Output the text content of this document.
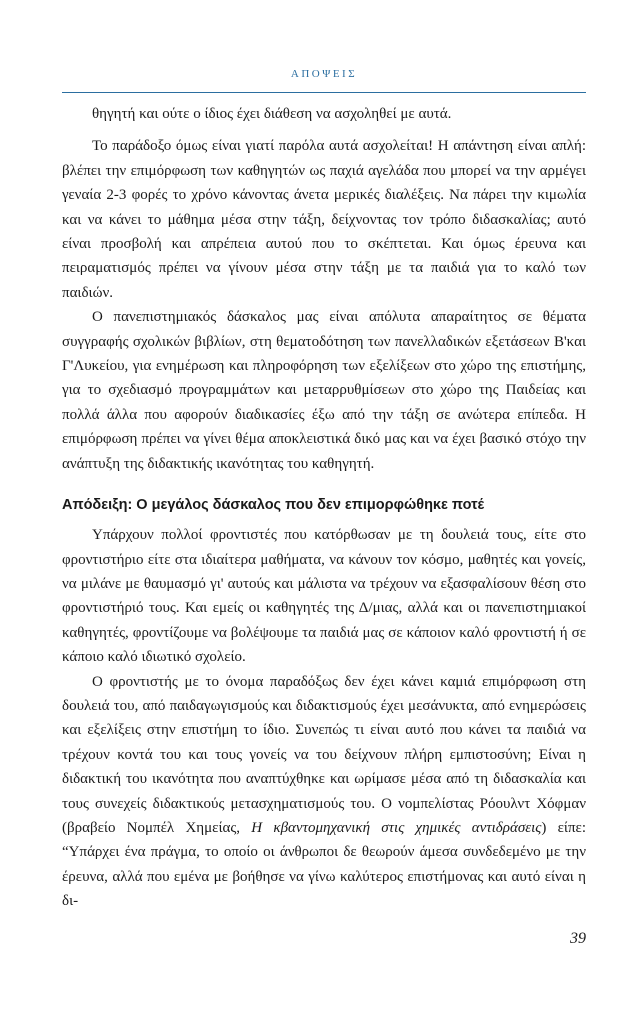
ΑΠΟΨΕΙΣ

θηγητή και ούτε ο ίδιος έχει διάθεση να ασχοληθεί με αυτά.

Το παράδοξο όμως είναι γιατί παρόλα αυτά ασχολείται! Η απάντηση είναι απλή: βλέπει την επιμόρφωση των καθηγητών ως παχιά αγελάδα που μπορεί να την αρμέγει γεναία 2-3 φορές το χρόνο κάνοντας άνετα μερικές διαλέξεις. Να πάρει την κιμωλία και να κάνει το μάθημα μέσα στην τάξη, δείχνοντας τον τρόπο διδασκαλίας; αυτό είναι προσβολή και απρέπεια αυτού που το σκέπτεται. Και όμως έρευνα και πειραματισμός πρέπει να γίνουν μέσα στην τάξη με τα παιδιά για το καλό των παιδιών.

Ο πανεπιστημιακός δάσκαλος μας είναι απόλυτα απαραίτητος σε θέματα συγγραφής σχολικών βιβλίων, στη θεματοδότηση των πανελλαδικών εξετάσεων Β'και Γ'Λυκείου, για ενημέρωση και πληροφόρηση των εξελίξεων στο χώρο της επιστήμης, για το σχεδιασμό προγραμμάτων και μεταρρυθμίσεων στο χώρο της Παιδείας και πολλά άλλα που αφορούν διαδικασίες έξω από την τάξη σε ανώτερα επίπεδα. Η επιμόρφωση πρέπει να γίνει θέμα αποκλειστικά δικό μας και να έχει βασικό στόχο την ανάπτυξη της διδακτικής ικανότητας του καθηγητή.

Απόδειξη: Ο μεγάλος δάσκαλος που δεν επιμορφώθηκε ποτέ

Υπάρχουν πολλοί φροντιστές που κατόρθωσαν με τη δουλειά τους, είτε στο φροντιστήριο είτε στα ιδιαίτερα μαθήματα, να κάνουν τον κόσμο, μαθητές και γονείς, να μιλάνε με θαυμασμό γι' αυτούς και μάλιστα να τρέχουν να εξασφαλίσουν θέση στο φροντιστήριό τους. Και εμείς οι καθηγητές της Δ/μιας, αλλά και οι πανεπιστημιακοί καθηγητές, φροντίζουμε να βολέψουμε τα παιδιά μας σε κάποιον καλό φροντιστή ή σε κάποιο καλό ιδιωτικό σχολείο.

Ο φροντιστής με το όνομα παραδόξως δεν έχει κάνει καμιά επιμόρφωση στη δουλειά του, από παιδαγωγισμούς και διδακτισμούς έχει μεσάνυκτα, από ενημερώσεις και εξελίξεις στην επιστήμη το ίδιο. Συνεπώς τι είναι αυτό που κάνει τα παιδιά να τρέχουν κοντά του και τους γονείς να του δείχνουν πλήρη εμπιστοσύνη; Είναι η διδακτική του ικανότητα που αναπτύχθηκε και ωρίμασε μέσα από τη διδασκαλία και τους συνεχείς διδακτικούς μετασχηματισμούς του. Ο νομπελίστας Ρόουλντ Χόφμαν (βραβείο Νομπέλ Χημείας, Η κβαντομηχανική στις χημικές αντιδράσεις) είπε: “Υπάρχει ένα πράγμα, το οποίο οι άνθρωποι δε θεωρούν άμεσα συνδεδεμένο με την έρευνα, αλλά που εμένα με βοήθησε να γίνω καλύτερος επιστήμονας και αυτό είναι η δι-

39
